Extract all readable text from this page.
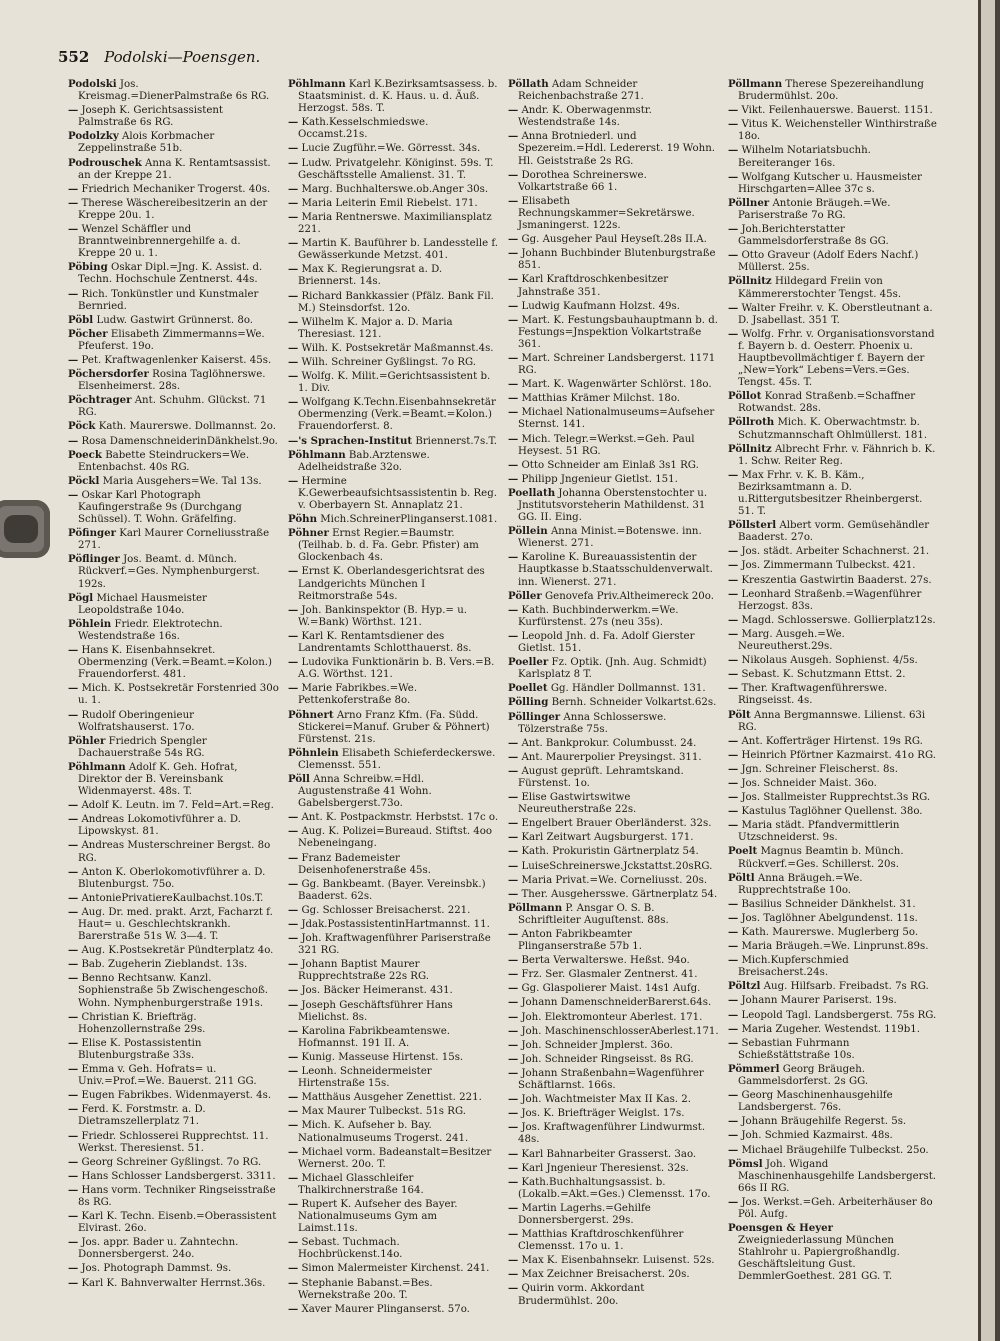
552 Podolski—Poensgen.
Podolski Jos. Kreismag.=DienerPalmstraße 6s RG.
— Joseph K. Gerichtsassistent Palmstraße 6s RG.
Podolzky Alois Korbmacher Zeppelinstraße 51b.
Podrouschek Anna K. Rentamtsassist. an der Kreppe 21.
— Friedrich Mechaniker Trogerst. 40s.
— Therese Wäschereibesitzerin an der Kreppe 20u. 1.
— Wenzel Schäffler und Branntweinbrennergehilfe a. d. Kreppe 20 u. 1.
Pöbing Oskar Dipl.=Jng. K. Assist. d. Techn. Hochschule Zentnerst. 44s.
— Rich. Tonkünstler und Kunstmaler Bernried.
Pöbl Ludw. Gastwirt Grünnerst. 8o.
Pöcher Elisabeth Zimmermanns=We. Pfeuferst. 19o.
— Pet. Kraftwagenlenker Kaiserst. 45s.
Pöchersdorfer Rosina Taglöhnerswe. Elsenheimerst. 28s.
Pöchtrager Ant. Schuhm. Glückst. 71 RG.
Pöck Kath. Maurerswe. Dollmannst. 2o.
— Rosa DamenschneiderinDänkhelst.9o.
Poeck Babette Steindruckers=We. Entenbachst. 40s RG.
Pöckl Maria Ausgehers=We. Tal 13s.
— Oskar Karl Photograph Kaufingerstraße 9s (Durchgang Schüssel). T. Wohn. Gräfelfing.
Pöfinger Karl Maurer Corneliusstraße 271.
Pöflinger Jos. Beamt. d. Münch. Rückverf.=Ges. Nymphenburgerst. 192s.
Pögl Michael Hausmeister Leopoldstraße 104o.
Pöhlein Friedr. Elektrotechn. Westendstraße 16s.
— Hans K. Eisenbahnsekret. Obermenzing (Verk.=Beamt.=Kolon.) Frauendorferst. 481.
— Mich. K. Postsekretär Forstenried 30o u. 1.
— Rudolf Oberingenieur Wolfratshauserst. 17o.
Pöhler Friedrich Spengler Dachauerstraße 54s RG.
Pöhlmann Adolf K. Geh. Hofrat, Direktor der B. Vereinsbank Widenmayerst. 48s. T.
— Adolf K. Leutn. im 7. Feld=Art.=Reg.
— Andreas Lokomotivführer a. D. Lipowskyst. 81.
— Andreas Musterschreiner Bergst. 8o RG.
— Anton K. Oberlokomotivführer a. D. Blutenburgst. 75o.
— AntoniePrivatiereKaulbachst.10s.T.
— Aug. Dr. med. prakt. Arzt, Facharzt f. Haut= u. Geschlechtskrankh. Barerstraße 51s W. 3—4. T.
— Aug. K.Postsekretär Pündterplatz 4o.
— Bab. Zugeherin Zieblandst. 13s.
— Benno Rechtsanw. Kanzl. Sophienstraße 5b Zwischengeschoß. Wohn. Nymphenburgerstraße 191s.
— Christian K. Briefträg. Hohenzollernstraße 29s.
— Elise K. Postassistentin Blutenburgstraße 33s.
— Emma v. Geh. Hofrats= u. Univ.=Prof.=We. Bauerst. 211 GG.
— Eugen Fabrikbes. Widenmayerst. 4s.
— Ferd. K. Forstmstr. a. D. Dietramszellerplatz 71.
— Friedr. Schlosserei Rupprechtst. 11. Werkst. Theresienst. 51.
— Georg Schreiner Gyßlingst. 7o RG.
— Hans Schlosser Landsbergerst. 3311.
— Hans vorm. Techniker Ringseisstraße 8s RG.
— Karl K. Techn. Eisenb.=Oberassistent Elvirast. 26o.
— Jos. appr. Bader u. Zahntechn. Donnersbergerst. 24o.
— Jos. Photograph Dammst. 9s.
— Karl K. Bahnverwalter Herrnst.36s.
Pöhlmann Karl K.Bezirksamtsassess. b. Staatsminist. d. K. Haus. u. d. Äuß. Herzogst. 58s. T.
— Kath.Kesselschmiedswe. Occamst.21s.
— Lucie Zugführ.=We. Görresst. 34s.
— Ludw. Privatgelehr. Königinst. 59s. T. Geschäftsstelle Amalienst. 31. T.
— Marg. Buchhalterswe.ob.Anger 30s.
— Maria Leiterin Emil Riebelst. 171.
— Maria Rentnerswe. Maximiliansplatz 221.
— Martin K. Bauführer b. Landesstelle f. Gewässerkunde Metzst. 401.
— Max K. Regierungsrat a. D. Briennerst. 14s.
— Richard Bankkassier (Pfälz. Bank Fil. M.) Steinsdorfst. 12o.
— Wilhelm K. Major a. D. Maria Theresiast. 121.
— Wilh. K. Postsekretär Maßmannst.4s.
— Wilh. Schreiner Gyßlingst. 7o RG.
— Wolfg. K. Milit.=Gerichtsassistent b. 1. Div.
— Wolfgang K.Techn.Eisenbahnsekretär Obermenzing (Verk.=Beamt.=Kolon.) Frauendorferst. 8.
—'s Sprachen-Institut Briennerst.7s.T.
Pöhlmann Bab.Arztenswe. Adelheidstraße 32o.
— Hermine K.Gewerbeaufsichtsassistentin b. Reg. v. Oberbayern St. Annaplatz 21.
Pöhn Mich.SchreinerPlinganserst.1081.
Pöhner Ernst Regier.=Baumstr. (Teilhab. b. d. Fa. Gebr. Pfister) am Glockenbach 4s.
— Ernst K. Oberlandesgerichtsrat des Landgerichts München I Reitmorstraße 54s.
— Joh. Bankinspektor (B. Hyp.= u. W.=Bank) Wörthst. 121.
— Karl K. Rentamtsdiener des Landrentamts Schlotthauerst. 8s.
— Ludovika Funktionärin b. B. Vers.=B. A.G. Wörthst. 121.
— Marie Fabrikbes.=We. Pettenkoferstraße 8o.
Pöhnert Arno Franz Kfm. (Fa. Südd. Stickerei=Manuf. Gruber & Pöhnert) Fürstenst. 21s.
Pöhnlein Elisabeth Schieferdeckerswe. Clemensst. 551.
Pöll Anna Schreibw.=Hdl. Augustenstraße 41 Wohn. Gabelsbergerst.73o.
— Ant. K. Postpackmstr. Herbstst. 17c o.
— Aug. K. Polizei=Bureaud. Stiftst. 4oo Nebeneingang.
— Franz Bademeister Deisenhofenerstraße 45s.
— Gg. Bankbeamt. (Bayer. Vereinsbk.) Baaderst. 62s.
— Gg. Schlosser Breisacherst. 221.
— Jdak.PostassistentinHartmannst. 11.
— Joh. Kraftwagenführer Pariserstraße 321 RG.
— Johann Baptist Maurer Rupprechtstraße 22s RG.
— Jos. Bäcker Heimeranst. 431.
— Joseph Geschäftsführer Hans Mielichst. 8s.
— Karolina Fabrikbeamtenswe. Hofmannst. 191 II. A.
— Kunig. Masseuse Hirtenst. 15s.
— Leonh. Schneidermeister Hirtenstraße 15s.
— Matthäus Ausgeher Zenettist. 221.
— Max Maurer Tulbeckst. 51s RG.
— Mich. K. Aufseher b. Bay. Nationalmuseums Trogerst. 241.
— Michael vorm. Badeanstalt=Besitzer Wernerst. 20o. T.
— Michael Glasschleifer Thalkirchnerstraße 164.
— Rupert K. Aufseher des Bayer. Nationalmuseums Gym am Laimst.11s.
— Sebast. Tuchmach. Hochbrückenst.14o.
— Simon Malermeister Kirchenst. 241.
— Stephanie Babanst.=Bes. Wernekstraße 20o. T.
— Xaver Maurer Plinganserst. 57o.
Pöllath Adam Schneider Reichenbachstraße 271.
— Andr. K. Oberwagenmstr. Westendstraße 14s.
— Anna Brotniederl. und Spezereim.=Hdl. Ledererst. 19 Wohn. Hl. Geiststraße 2s RG.
— Dorothea Schreinerswe. Volkartstraße 66 1.
— Elisabeth Rechnungskammer=Sekretärswe. Jsmaningerst. 122s.
— Gg. Ausgeher Paul Heyseſt.28s II.A.
— Johann Buchbinder Blutenburgstraße 851.
— Karl Kraftdroschkenbesitzer Jahnstraße 351.
— Ludwig Kaufmann Holzst. 49s.
— Mart. K. Festungsbauhauptmann b. d. Festungs=Jnspektion Volkartstraße 361.
— Mart. Schreiner Landsbergerst. 1171 RG.
— Mart. K. Wagenwärter Schlörst. 18o.
— Matthias Krämer Milchst. 18o.
— Michael Nationalmuseums=Aufseher Sternst. 141.
— Mich. Telegr.=Werkst.=Geh. Paul Heysest. 51 RG.
— Otto Schneider am Einlaß 3s1 RG.
— Philipp Jngenieur Gietlst. 151.
Poellath Johanna Oberstenstochter u. Jnstitutsvorsteherin Mathildenst. 31 GG. II. Eing.
Pöllein Anna Minist.=Botenswe. inn. Wienerst. 271.
— Karoline K. Bureauassistentin der Hauptkasse b.Staatsschuldenverwalt. inn. Wienerst. 271.
Pöller Genovefa Priv.Altheimereck 20o.
— Kath. Buchbinderwerkm.=We. Kurfürstenst. 27s (neu 35s).
— Leopold Jnh. d. Fa. Adolf Gierster Gietlst. 151.
Poeller Fz. Optik. (Jnh. Aug. Schmidt) Karlsplatz 8 T.
Poellet Gg. Händler Dollmannst. 131.
Pölling Bernh. Schneider Volkartst.62s.
Pöllinger Anna Schlosserswe. Tölzerstraße 75s.
— Ant. Bankprokur. Columbusst. 24.
— Ant. Maurerpolier Preysingst. 311.
— August geprüft. Lehramtskand. Fürstenst. 1o.
— Elise Gastwirtswitwe Neureutherstraße 22s.
— Engelbert Brauer Oberländerst. 32s.
— Karl Zeitwart Augsburgerst. 171.
— Kath. Prokuristin Gärtnerplatz 54.
— LuiseSchreinerswe.Jckstattst.20sRG.
— Maria Privat.=We. Corneliusst. 20s.
— Ther. Ausgehersswe. Gärtnerplatz 54.
Pöllmann P. Ansgar O. S. B. Schriftleiter Auguſtenst. 88s.
— Anton Fabrikbeamter Plinganserstraße 57b 1.
— Berta Verwalterswe. Heßst. 94o.
— Frz. Ser. Glasmaler Zentnerst. 41.
— Gg. Glaspolierer Maist. 14s1 Aufg.
— Johann DamenschneiderBarerst.64s.
— Joh. Elektromonteur Aberlest. 171.
— Joh. MaschinenschlosserAberlest.171.
— Joh. Schneider Jmplerst. 36o.
— Joh. Schneider Ringseisst. 8s RG.
— Johann Straßenbahn=Wagenführer Schäftlarnst. 166s.
— Joh. Wachtmeister Max II Kas. 2.
— Jos. K. Briefträger Weiglst. 17s.
— Jos. Kraftwagenführer Lindwurmst. 48s.
— Karl Bahnarbeiter Grasserst. 3ao.
— Karl Jngenieur Theresienst. 32s.
— Kath.Buchhaltungsassist. b.(Lokalb.=Akt.=Ges.) Clemensst. 17o.
— Martin Lagerhs.=Gehilfe Donnersbergerst. 29s.
— Matthias Kraftdroschkenführer Clemensst. 17o u. 1.
— Max K. Eisenbahnsekr. Luisenst. 52s.
— Max Zeichner Breisacherst. 20s.
— Quirin vorm. Akkordant Brudermühlst. 20o.
Pöllmann Therese Spezereihandlung Brudermühlst. 20o.
— Vikt. Feilenhauerswe. Bauerst. 1151.
— Vitus K. Weichensteller Winthirstraße 18o.
— Wilhelm Notariatsbuchh. Bereiteranger 16s.
— Wolfgang Kutscher u. Hausmeister Hirschgarten=Allee 37c s.
Pöllner Antonie Bräugeh.=We. Pariserstraße 7o RG.
— Joh.Berichterstatter Gammelsdorferstraße 8s GG.
— Otto Graveur (Adolf Eders Nachf.) Müllerst. 25s.
Pöllnitz Hildegard Freiin von Kämmererstochter Tengst. 45s.
— Walter Freihr. v. K. Oberstleutnant a. D. Jsabellast. 351 T.
— Wolfg. Frhr. v. Organisationsvorstand f. Bayern b. d. Oesterr. Phoenix u. Hauptbevollmächtiger f. Bayern der „New=York“ Lebens=Vers.=Ges. Tengst. 45s. T.
Pöllot Konrad Straßenb.=Schaffner Rotwandst. 28s.
Pöllroth Mich. K. Oberwachtmstr. b. Schutzmannschaft Ohlmüllerst. 181.
Pöllnitz Albrecht Frhr. v. Fähnrich b. K. 1. Schw. Reiter Reg.
— Max Frhr. v. K. B. Käm., Bezirksamtmann a. D. u.Rittergutsbesitzer Rheinbergerst. 51. T.
Pöllsterl Albert vorm. Gemüsehändler Baaderst. 27o.
— Jos. städt. Arbeiter Schachnerst. 21.
— Jos. Zimmermann Tulbeckst. 421.
— Kreszentia Gastwirtin Baaderst. 27s.
— Leonhard Straßenb.=Wagenführer Herzogst. 83s.
— Magd. Schlosserswe. Gollierplatz12s.
— Marg. Ausgeh.=We. Neureutherst.29s.
— Nikolaus Ausgeh. Sophienst. 4/5s.
— Sebast. K. Schutzmann Ettst. 2.
— Ther. Kraftwagenführerswe. Ringseisst. 4s.
Pölt Anna Bergmannswe. Lilienst. 63i RG.
— Ant. Kofferträger Hirtenst. 19s RG.
— Heinrich Pförtner Kazmairst. 41o RG.
— Jgn. Schreiner Fleischerst. 8s.
— Jos. Schneider Maist. 36o.
— Jos. Stallmeister Rupprechtst.3s RG.
— Kastulus Taglöhner Quellenst. 38o.
— Maria städt. Pfandvermittlerin Utzschneiderst. 9s.
Poelt Magnus Beamtin b. Münch. Rückverf.=Ges. Schillerst. 20s.
Pöltl Anna Bräugeh.=We. Rupprechtstraße 10o.
— Basilius Schneider Dänkhelst. 31.
— Jos. Taglöhner Abelgundenst. 11s.
— Kath. Maurerswe. Muglerberg 5o.
— Maria Bräugeh.=We. Linprunst.89s.
— Mich.Kupferschmied Breisacherst.24s.
Pöltzl Aug. Hilfsarb. Freibadst. 7s RG.
— Johann Maurer Pariserst. 19s.
— Leopold Tagl. Landsbergerst. 75s RG.
— Maria Zugeher. Westendst. 119b1.
— Sebastian Fuhrmann Schießstättstraße 10s.
Pömmerl Georg Bräugeh. Gammelsdorferst. 2s GG.
— Georg Maschinenhausgehilfe Landsbergerst. 76s.
— Johann Bräugehilfe Regerst. 5s.
— Joh. Schmied Kazmairst. 48s.
— Michael Bräugehilfe Tulbeckst. 25o.
Pömsl Joh. Wigand Maschinenhausgehilfe Landsbergerst. 66s II RG.
— Jos. Werkst.=Geh. Arbeiterhäuser 8o Pöl. Aufg.
Poensgen & Heyer Zweigniederlassung München Stahlrohr u. Papiergroßhandlg. Geschäftsleitung Gust. DemmlerGoethest. 281 GG. T.
